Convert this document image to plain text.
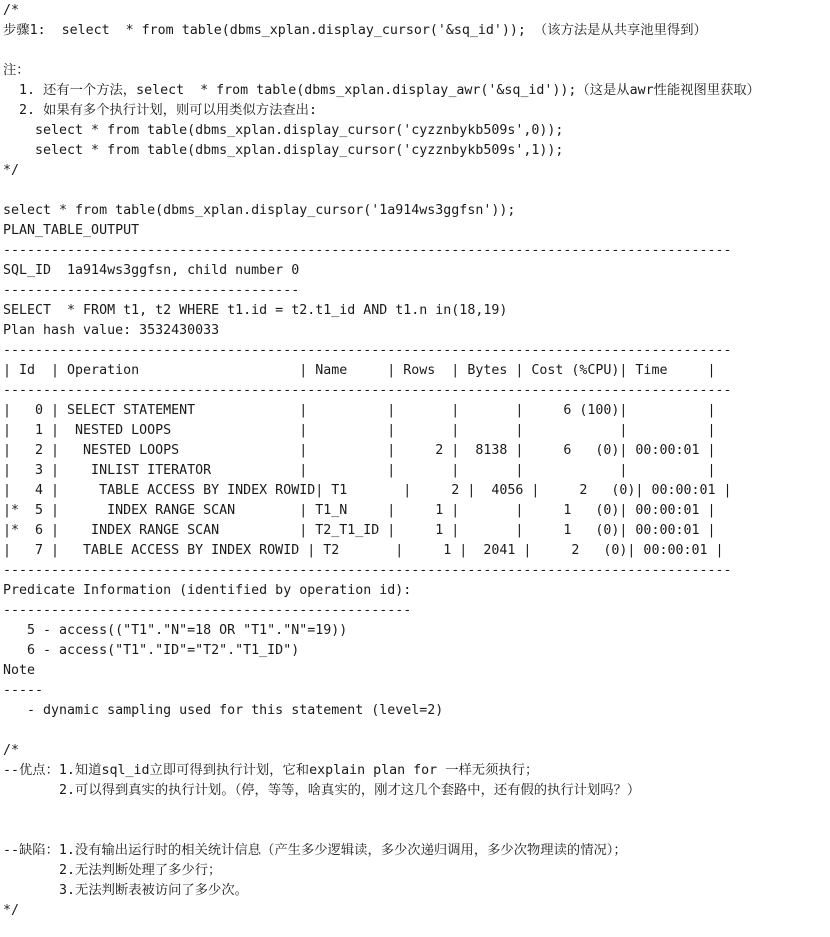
/*
步骤1:  select  * from table(dbms_xplan.display_cursor('&sq_id')); （该方法是从共享池里得到）
注：
1. 还有一个方法，select  * from table(dbms_xplan.display_awr('&sq_id'));（这是从awr性能视图里获取）
2. 如果有多个执行计划，则可以用类似方法查出:
select * from table(dbms_xplan.display_cursor('cyzznbykb509s',0));
select * from table(dbms_xplan.display_cursor('cyzznbykb509s',1));
*/
select * from table(dbms_xplan.display_cursor('1a914ws3ggfsn'));
PLAN_TABLE_OUTPUT
-------------------------------------------------------------------------------------------
SQL_ID  1a914ws3ggfsn, child number 0
-------------------------------------
SELECT  * FROM t1, t2 WHERE t1.id = t2.t1_id AND t1.n in(18,19)
Plan hash value: 3532430033
-------------------------------------------------------------------------------------------
| Id  | Operation                    | Name     | Rows  | Bytes | Cost (%CPU)| Time     |
-------------------------------------------------------------------------------------------
|   0 | SELECT STATEMENT             |          |       |       |     6 (100)|          |
|   1 |  NESTED LOOPS                |          |       |       |            |          |
|   2 |   NESTED LOOPS               |          |     2 |  8138 |     6   (0)| 00:00:01 |
|   3 |    INLIST ITERATOR           |          |       |       |            |          |
|   4 |     TABLE ACCESS BY INDEX ROWID| T1       |     2 |  4056 |     2   (0)| 00:00:01 |
|*  5 |      INDEX RANGE SCAN        | T1_N     |     1 |       |     1   (0)| 00:00:01 |
|*  6 |    INDEX RANGE SCAN          | T2_T1_ID |     1 |       |     1   (0)| 00:00:01 |
|   7 |   TABLE ACCESS BY INDEX ROWID | T2       |     1 |  2041 |     2   (0)| 00:00:01 |
-------------------------------------------------------------------------------------------
Predicate Information (identified by operation id):
---------------------------------------------------
5 - access(("T1"."N"=18 OR "T1"."N"=19))
6 - access("T1"."ID"="T2"."T1_ID")
Note
-----
- dynamic sampling used for this statement (level=2)
/*
--优点：1.知道sql_id立即可得到执行计划，它和explain plan for 一样无须执行；
2.可以得到真实的执行计划。（停，等等，啥真实的，刚才这几个套路中，还有假的执行计划吗？）
--缺陷：1.没有输出运行时的相关统计信息（产生多少逻辑读，多少次递归调用，多少次物理读的情况）；
2.无法判断处理了多少行；
3.无法判断表被访问了多少次。
*/
